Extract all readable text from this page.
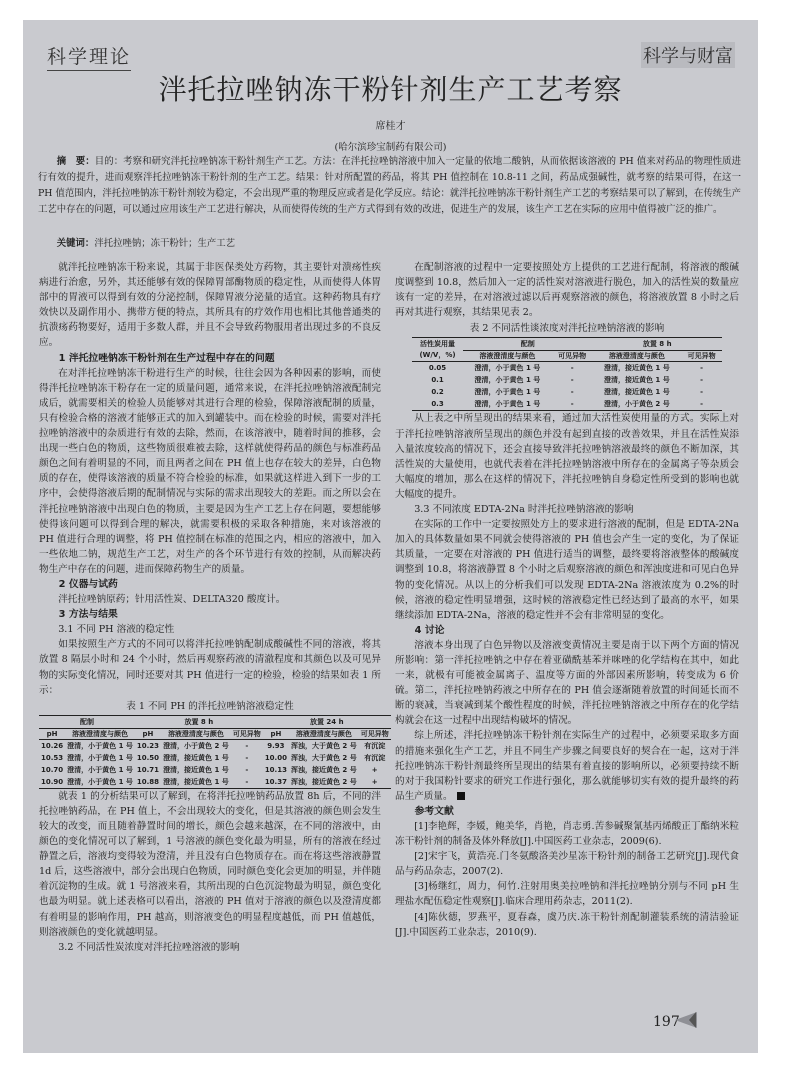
科学理论	科学与财富
泮托拉唑钠冻干粉针剂生产工艺考察
席桂才
(哈尔滨珍宝制药有限公司)
摘　要：目的：考察和研究泮托拉唑钠冻干粉针剂生产工艺。方法：在泮托拉唑钠溶液中加入一定量的依地二酸钠，从而依据该溶液的 PH 值来对药品的物理性质进行有效的提升，进而观察泮托拉唑钠冻干粉针剂的生产工艺。结果：针对所配置的药品，将其 PH 值控制在 10.8-11 之间，药品成强碱性，就考察的结果可得，在这一 PH 值范围内，泮托拉唑钠冻干粉针剂较为稳定，不会出现严重的物理反应或者是化学反应。结论：就泮托拉唑钠冻干粉针剂生产工艺的考察结果可以了解到，在传统生产工艺中存在的问题，可以通过应用该生产工艺进行解决，从而使得传统的生产方式得到有效的改进，促进生产的发展，该生产工艺在实际的应用中值得被广泛的推广。
关键词：泮托拉唑钠；冻干粉针；生产工艺

就泮托拉唑钠冻干粉来说，其属于非医保类处方药物，其主要针对溃疡性疾病进行治愈，另外，其还能够有效的保障胃部酶物质的稳定性，从而使得人体胃部中的胃液可以得到有效的分泌控制，保障胃液分泌量的适宜。这种药物具有疗效快以及副作用小、携带方便的特点，其所具有的疗效作用也相比其他普通类的抗溃疡药物要好，适用于多数人群，并且不会导致药物服用者出现过多的不良反应。

1 泮托拉唑钠冻干粉针剂在生产过程中存在的问题

在对泮托拉唑钠冻干粉进行生产的时候，往往会因为各种因素的影响，而使得泮托拉唑钠冻干粉存在一定的质量问题，通常来说，在泮托拉唑钠溶液配制完成后，就需要相关的检验人员能够对其进行合理的检验，保障溶液配制的质量，只有检验合格的溶液才能够正式的加入到罐装中。而在检验的时候，需要对泮托拉唑钠溶液中的杂质进行有效的去除，然而，在该溶液中，随着时间的推移，会出现一些白色的物质，这些物质很难被去除，这样就使得药品的颜色与标准药品颜色之间有着明显的不同，而且两者之间在 PH 值上也存在较大的差异，白色物质的存在，使得该溶液的质量不符合检验的标准，如果就这样进入到下一步的工序中，会使得溶液后期的配制情况与实际的需求出现较大的差距。而之所以会在泮托拉唑钠溶液中出现白色的物质，主要是因为生产工艺上存在问题，要想能够使得该问题可以得到合理的解决，就需要积极的采取各种措施，来对该溶液的 PH 值进行合理的调整，将 PH 值控制在标准的范围之内，相应的溶液中，加入一些依地二钠，规范生产工艺，对生产的各个环节进行有效的控制，从而解决药物生产中存在的问题，进而保障药物生产的质量。

2 仪器与试药

泮托拉唑钠原药；针用活性炭、DELTA320 酸度计。

3 方法与结果
3.1 不同 PH 溶液的稳定性

如果按照生产方式的不同可以将泮托拉唑钠配制成酸碱性不同的溶液，将其放置 8 隔层小时和 24 个小时，然后再观察药液的清澈程度和其颜色以及可见异物的实际变化情况，同时还要对其 PH 值进行一定的检验，检验的结果如表 1 所示：

表 1 不同 PH 的泮托拉唑钠溶液稳定性
配制		放置 8 h			放置 24 h		
pH	溶液澄清度与颜色	pH	溶液澄清度与颜色	可见异物	pH	溶液澄清度与颜色	可见异物
10.26	澄清，小于黄色 1 号	10.23	澄清，小于黄色 2 号	-	9.93	浑浊，大于黄色 2 号	有沉淀
10.53	澄清，小于黄色 1 号	10.50	澄清，接近黄色 1 号	-	10.00	浑浊，大于黄色 2 号	有沉淀
10.70	澄清，小于黄色 1 号	10.71	澄清，接近黄色 1 号	-	10.13	浑浊，接近黄色 2 号	+
10.90	澄清，小于黄色 1 号	10.88	澄清，接近黄色 1 号	-	10.37	浑浊，接近黄色 2 号	+

就表 1 的分析结果可以了解到，在将泮托拉唑钠药品放置 8h 后，不同的泮托拉唑钠药品，在 PH 值上，不会出现较大的变化，但是其溶液的颜色则会发生较大的改变，而且随着静置时间的增长，颜色会越来越深，在不同的溶液中，由颜色的变化情况可以了解到，1 号溶液的颜色变化最为明显，所有的溶液在经过静置之后，溶液均变得较为澄清，并且没有白色物质存在。而在将这些溶液静置 1d 后，这些溶液中，部分会出现白色物质，同时颜色变化会更加的明显，并伴随着沉淀物的生成。就 1 号溶液来看，其所出现的白色沉淀物最为明显，颜色变化也最为明显。就上述表格可以看出，溶液的 PH 值对于溶液的颜色以及澄清度都有着明显的影响作用，PH 越高，则溶液变色的明显程度越低，而 PH 值越低，则溶液颜色的变化就越明显。

3.2 不同活性炭浓度对泮托拉唑溶液的影响

在配制溶液的过程中一定要按照处方上提供的工艺进行配制，将溶液的酸碱度调整到 10.8，然后加入一定的活性炭对溶液进行脱色，加入的活性炭的数量应该有一定的差异，在对溶液过滤以后再观察溶液的颜色，将溶液放置 8 小时之后再对其进行观察，其结果见表 2。

表 2 不同活性谈浓度对泮托拉唑钠溶液的影响
活性炭用量
(W/V，%)	配制		放置 8 h	
	溶液澄清度与颜色	可见异物	溶液澄清度与颜色	可见异物
0.05	澄清，小于黄色 1 号	-	澄清，接近黄色 1 号	-
0.1	澄清，小于黄色 1 号	-	澄清，接近黄色 1 号	-
0.2	澄清，小于黄色 1 号	-	澄清，接近黄色 1 号	-
0.3	澄清，小于黄色 1 号	-	澄清，小于黄色 2 号	-

从上表之中所呈现出的结果来看，通过加大活性炭使用量的方式。实际上对于泮托拉唑钠溶液所呈现出的颜色并没有起到直接的改善效果，并且在活性炭添入量浓度较高的情况下，还会直接导致泮托拉唑钠溶液最终的颜色不断加深，其活性炭的大量使用，也就代表着在泮托拉唑钠溶液中所存在的金属离子等杂质会大幅度的增加，那么在这样的情况下，泮托拉唑钠自身稳定性所受到的影响也就大幅度的提升。

3.3 不同浓度 EDTA-2Na 时泮托拉唑钠溶液的影响

在实际的工作中一定要按照处方上的要求进行溶液的配制，但是 EDTA-2Na 加入的具体数量如果不同就会使得溶液的 PH 值也会产生一定的变化，为了保证其质量，一定要在对溶液的 PH 值进行适当的调整，最终要将溶液整体的酸碱度调整到 10.8，将溶液静置 8 个小时之后观察溶液的颜色和浑浊度进和可见白色异物的变化情况。从以上的分析我们可以发现 EDTA-2Na 溶液浓度为 0.2%的时候，溶液的稳定性明显增强，这时候的溶液稳定性已经达到了最高的水平，如果继续添加 EDTA-2Na，溶液的稳定性并不会有非常明显的变化。

4 讨论

溶液本身出现了白色异物以及溶液变黄情况主要是南于以下两个方面的情况所影响：第一泮托拉唑钠之中存在着亚磺酰基苯并咪唑的化学结构在其中，如此一来，就极有可能被金属离子、温度等方面的外部因素所影响，转变成为 6 价硫。第二，泮托拉唑钠药液之中所存在的 PH 值会逐渐随着放置的时间延长而不断的衰减，当衰减到某个酸性程度的时候，泮托拉唑钠溶液之中所存在的化学结构就会在这一过程中出现结构破坏的情况。

综上所述，泮托拉唑钠冻干粉针剂在实际生产的过程中，必须要采取多方面的措施来强化生产工艺，并且不同生产步骤之间要良好的契合在一起，这对于泮托拉唑钠冻干粉针剂最终所呈现出的结果有着直接的影响所以，必须要持续不断的对于我国粉针要求的研究工作进行强化，那么就能够切实有效的提升最终的药品生产质量。

参考文献

[1]李艳辉，李媛，鲍美华，肖艳，肖志勇.苦参碱聚氰基丙烯酸正丁酯纳米粒冻干粉针剂的制备及体外释放[J].中国医药工业杂志，2009(6).

[2]宋宇飞，黄浩亮.门冬氨酸洛美沙星冻干粉针剂的制备工艺研究[J].现代食品与药品杂志，2007(2).

[3]杨继红，周力，何竹.注射用奥美拉唑钠和泮托拉唑钠分别与不同 pH 生理盐水配伍稳定性观察[J].临床合理用药杂志，2011(2).

[4]陈伙德，罗燕平，夏春森，虞乃庆.冻干粉针剂配制灌装系统的清洁验证[J].中国医药工业杂志，2010(9).

197
